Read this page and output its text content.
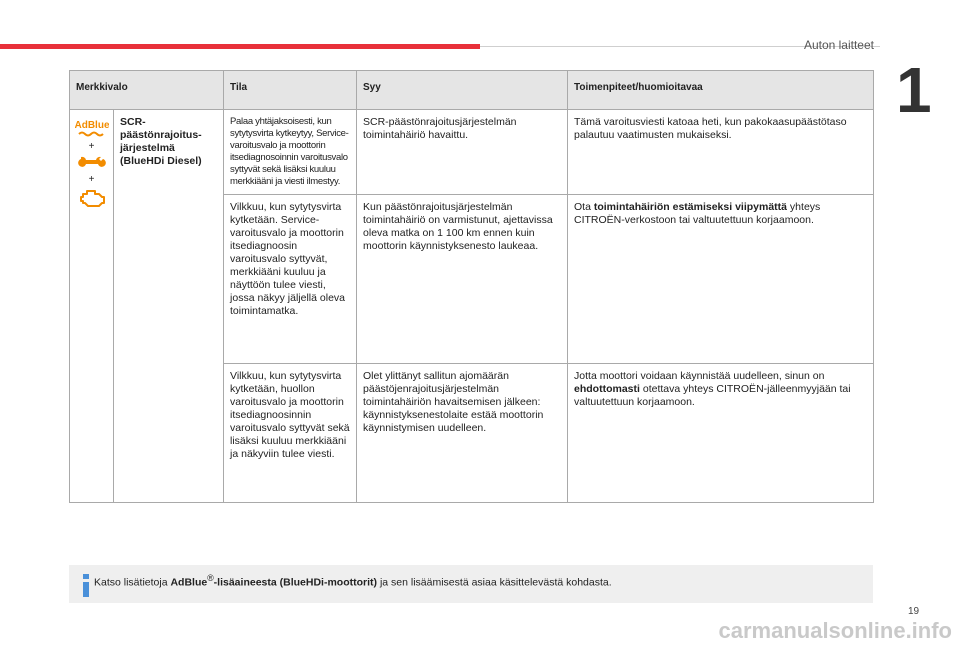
Auton laitteet
1
Merkkivalo		Tila	Syy	Toimenpiteet/huomioitavaa

AdBlue
+
+	SCR-päästönrajoitus-järjestelmä (BlueHDi Diesel)	Palaa yhtäjaksoisesti, kun sytytysvirta kytkeytyy, Service-varoitusvalo ja moottorin itsediagnosoinnin varoitusvalo syttyvät sekä lisäksi kuuluu merkkiääni ja viesti ilmestyy.	SCR-päästönrajoitusjärjestelmän toimintahäiriö havaittu.	Tämä varoitusviesti katoaa heti, kun pakokaasupäästötaso palautuu vaatimusten mukaiseksi.
		Vilkkuu, kun sytytysvirta kytketään. Service-varoitusvalo ja moottorin itsediagnoosin varoitusvalo syttyvät, merkkiääni kuuluu ja näyttöön tulee viesti, jossa näkyy jäljellä oleva toimintamatka.	Kun päästönrajoitusjärjestelmän toimintahäiriö on varmistunut, ajettavissa oleva matka on 1 100 km ennen kuin moottorin käynnistyksenesto laukeaa.	Ota toimintahäiriön estämiseksi viipymättä yhteys CITROËN-verkostoon tai valtuutettuun korjaamoon.
		Vilkkuu, kun sytytysvirta kytketään, huollon varoitusvalo ja moottorin itsediagnoosinnin varoitusvalo syttyvät sekä lisäksi kuuluu merkkiääni ja näkyviin tulee viesti.	Olet ylittänyt sallitun ajomäärän päästöjenrajoitusjärjestelmän toimintahäiriön havaitsemisen jälkeen: käynnistyksenestolaite estää moottorin käynnistymisen uudelleen.	Jotta moottori voidaan käynnistää uudelleen, sinun on ehdottomasti otettava yhteys CITROËN-jälleenmyyjään tai valtuutettuun korjaamoon.
Katso lisätietoja AdBlue®-lisäaineesta (BlueHDi-moottorit) ja sen lisäämisestä asiaa käsittelevästä kohdasta.
19
carmanualsonline.info
